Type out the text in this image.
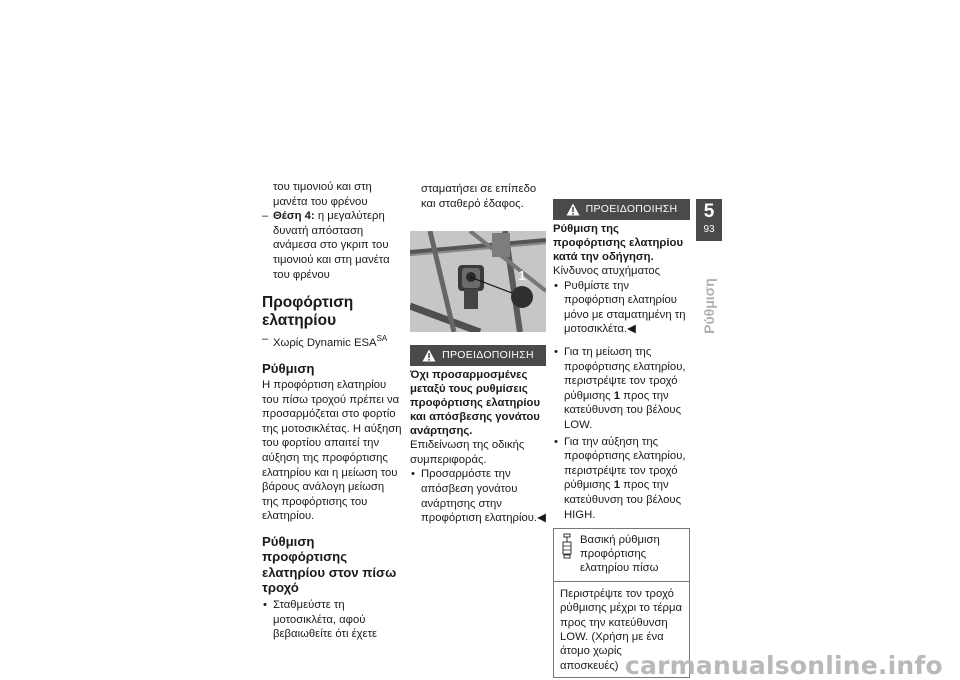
του τιμονιού και στη μανέτα του φρένου
– Θέση 4: η μεγαλύτερη δυνατή απόσταση ανάμεσα στο γκριπ του τιμονιού και στη μανέτα του φρένου
Προφόρτιση ελατηρίου
– Χωρίς Dynamic $ESA^{SA}$
Ρύθμιση
Η προφόρτιση ελατηρίου του πίσω τροχού πρέπει να προσαρμόζεται στο φορτίο της μοτοσικλέτας. Η αύξηση του φορτίου απαιτεί την αύξηση της προφόρτισης ελατηρίου και η μείωση του βάρους ανάλογη μείωση της προφόρτισης του ελατηρίου.
Ρύθμιση προφόρτισης ελατηρίου στον πίσω τροχό
• Σταθμεύστε τη μοτοσικλέτα, αφού βεβαιωθείτε ότι έχετε
σταματήσει σε επίπεδο και σταθερό έδαφος.
1
ΠΡΟΕΙΔΟΠΟΙΗΣΗ
Όχι προσαρμοσμένες μεταξύ τους ρυθμίσεις προφόρτισης ελατηρίου και απόσβεσης γονάτου ανάρτησης.
Επιδείνωση της οδικής συμπεριφοράς.
• Προσαρμόστε την απόσβεση γονάτου ανάρτησης στην προφόρτιση ελατηρίου.◀
ΠΡΟΕΙΔΟΠΟΙΗΣΗ
Ρύθμιση της προφόρτισης ελατηρίου κατά την οδήγηση.
Κίνδυνος ατυχήματος
• Ρυθμίστε την προφόρτιση ελατηρίου μόνο με σταματημένη τη μοτοσικλέτα.◀
• Για τη μείωση της προφόρτισης ελατηρίου, περιστρέψτε τον τροχό ρύθμισης 1 προς την κατεύθυνση του βέλους LOW.
• Για την αύξηση της προφόρτισης ελατηρίου, περιστρέψτε τον τροχό ρύθμισης 1 προς την κατεύθυνση του βέλους HIGH.
Βασική ρύθμιση προφόρτισης ελατηρίου πίσω
Περιστρέψτε τον τροχό ρύθμισης μέχρι το τέρμα προς την κατεύθυνση LOW. (Χρήση με ένα άτομο χωρίς αποσκευές)
5
93
Ρύθμιση
carmanualsonline.info
